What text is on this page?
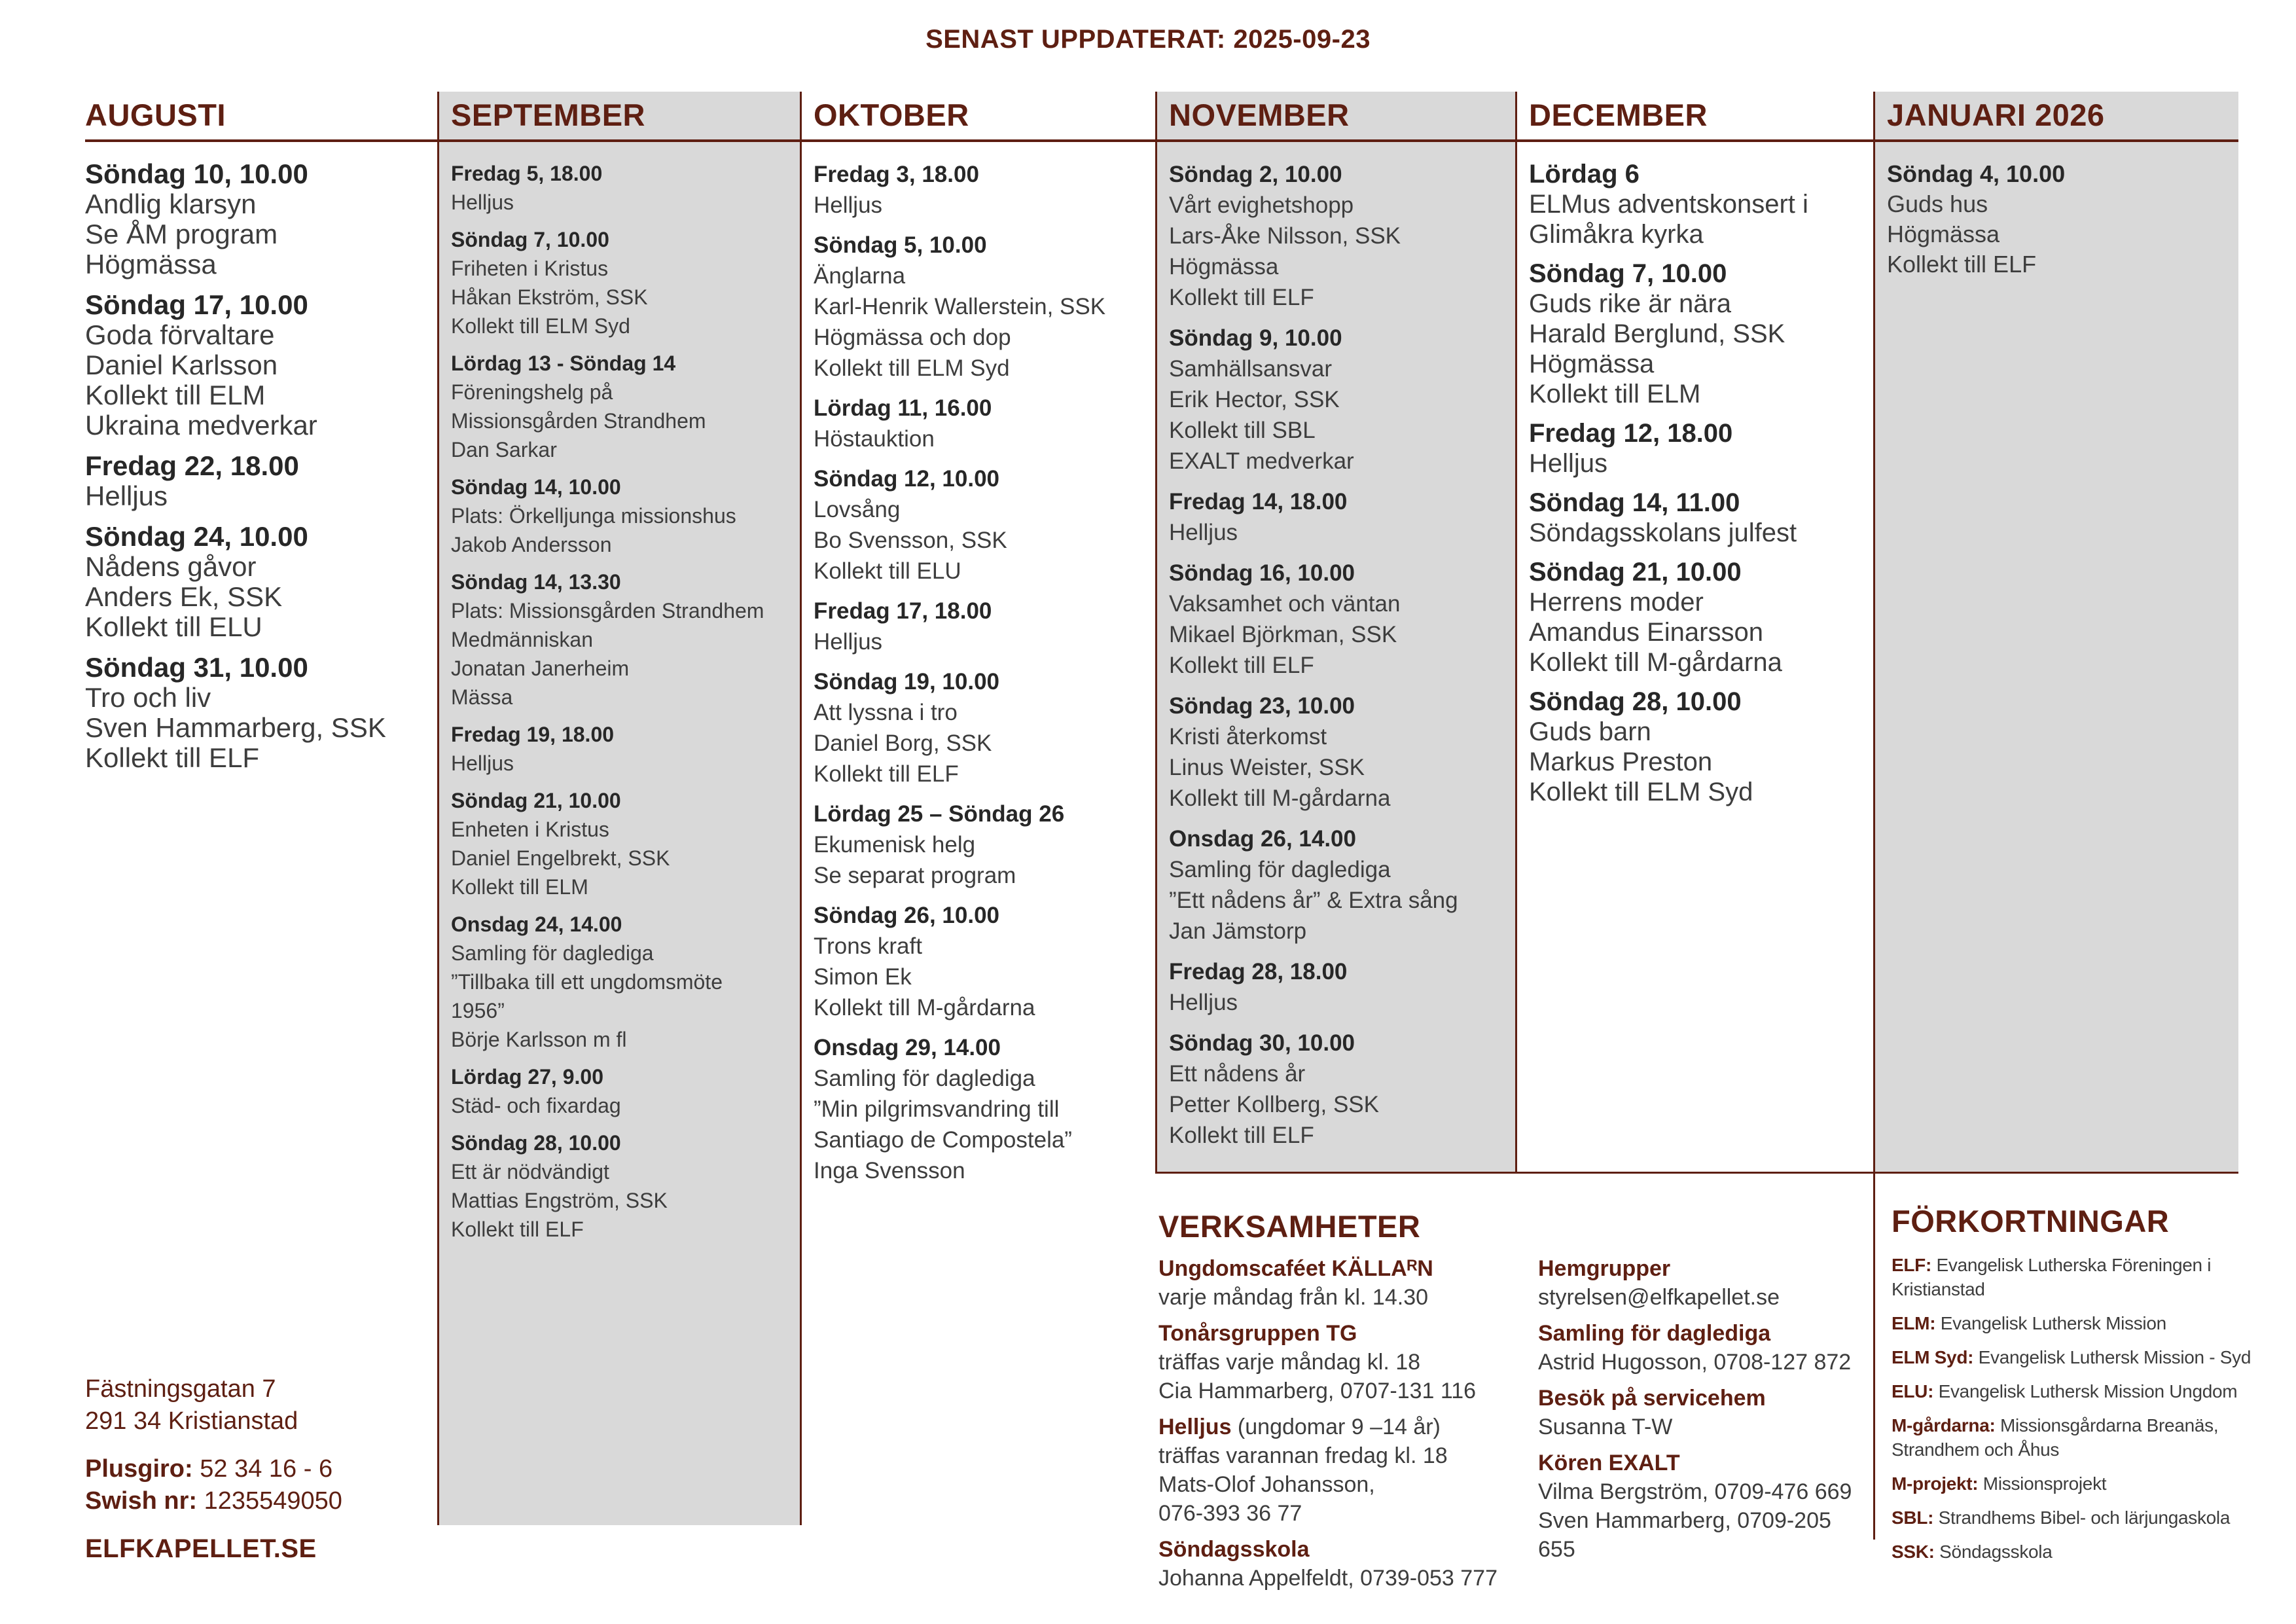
SENAST UPPDATERAT: 2025-09-23
AUGUSTI
Söndag 10, 10.00
Andlig klarsyn
Se ÅM program
Högmässa
Söndag 17, 10.00
Goda förvaltare
Daniel Karlsson
Kollekt till ELM
Ukraina medverkar
Fredag 22, 18.00
Helljus
Söndag 24, 10.00
Nådens gåvor
Anders Ek, SSK
Kollekt till ELU
Söndag 31, 10.00
Tro och liv
Sven Hammarberg, SSK
Kollekt till ELF
SEPTEMBER
Fredag 5, 18.00
Helljus
Söndag 7, 10.00
Friheten i Kristus
Håkan Ekström, SSK
Kollekt till ELM Syd
Lördag 13 - Söndag 14
Föreningshelg på
Missionsgården Strandhem
Dan Sarkar
Söndag 14, 10.00
Plats: Örkelljunga missionshus
Jakob Andersson
Söndag 14, 13.30
Plats: Missionsgården Strandhem
Medmänniskan
Jonatan Janerheim
Mässa
Fredag 19, 18.00
Helljus
Söndag 21, 10.00
Enheten i Kristus
Daniel Engelbrekt, SSK
Kollekt till ELM
Onsdag 24, 14.00
Samling för daglediga
”Tillbaka till ett ungdomsmöte
1956”
Börje Karlsson m fl
Lördag 27, 9.00
Städ- och fixardag
Söndag 28, 10.00
Ett är nödvändigt
Mattias Engström, SSK
Kollekt till ELF
OKTOBER
Fredag 3, 18.00
Helljus
Söndag 5, 10.00
Änglarna
Karl-Henrik Wallerstein, SSK
Högmässa och dop
Kollekt till ELM Syd
Lördag 11, 16.00
Höstauktion
Söndag 12, 10.00
Lovsång
Bo Svensson, SSK
Kollekt till ELU
Fredag 17, 18.00
Helljus
Söndag 19, 10.00
Att lyssna i tro
Daniel Borg, SSK
Kollekt till ELF
Lördag 25 – Söndag 26
Ekumenisk helg
Se separat program
Söndag 26, 10.00
Trons kraft
Simon Ek
Kollekt till M-gårdarna
Onsdag 29, 14.00
Samling för daglediga
”Min pilgrimsvandring till
Santiago de Compostela”
Inga Svensson
NOVEMBER
Söndag 2, 10.00
Vårt evighetshopp
Lars-Åke Nilsson, SSK
Högmässa
Kollekt till ELF
Söndag 9, 10.00
Samhällsansvar
Erik Hector, SSK
Kollekt till SBL
EXALT medverkar
Fredag 14, 18.00
Helljus
Söndag 16, 10.00
Vaksamhet och väntan
Mikael Björkman, SSK
Kollekt till ELF
Söndag 23, 10.00
Kristi återkomst
Linus Weister, SSK
Kollekt till M-gårdarna
Onsdag 26, 14.00
Samling för daglediga
”Ett nådens år” & Extra sång
Jan Jämstorp
Fredag 28, 18.00
Helljus
Söndag 30, 10.00
Ett nådens år
Petter Kollberg, SSK
Kollekt till ELF
DECEMBER
Lördag 6
ELMus adventskonsert i
Glimåkra kyrka
Söndag 7, 10.00
Guds rike är nära
Harald Berglund, SSK
Högmässa
Kollekt till ELM
Fredag 12, 18.00
Helljus
Söndag 14, 11.00
Söndagsskolans julfest
Söndag 21, 10.00
Herrens moder
Amandus Einarsson
Kollekt till M-gårdarna
Söndag 28, 10.00
Guds barn
Markus Preston
Kollekt till ELM Syd
JANUARI 2026
Söndag 4, 10.00
Guds hus
Högmässa
Kollekt till ELF
Fästningsgatan 7
291 34 Kristianstad
Plusgiro: 52 34 16 - 6
Swish nr: 1235549050
ELFKAPELLET.SE
VERKSAMHETER
Ungdomscaféet KÄLLAᴿN
varje måndag från kl. 14.30
Tonårsgruppen TG
träffas varje måndag kl. 18
Cia Hammarberg, 0707-131 116
Helljus (ungdomar 9 –14 år)
träffas varannan fredag kl. 18
Mats-Olof Johansson,
076-393 36 77
Söndagsskola
Johanna Appelfeldt, 0739-053 777
Hemgrupper
styrelsen@elfkapellet.se
Samling för daglediga
Astrid Hugosson, 0708-127 872
Besök på servicehem
Susanna T-W
Kören EXALT
Vilma Bergström, 0709-476 669
Sven Hammarberg, 0709-205 655
FÖRKORTNINGAR
ELF: Evangelisk Lutherska Föreningen i
Kristianstad
ELM: Evangelisk Luthersk Mission
ELM Syd: Evangelisk Luthersk Mission - Syd
ELU: Evangelisk Luthersk Mission Ungdom
M-gårdarna: Missionsgårdarna Breanäs,
Strandhem och Åhus
M-projekt: Missionsprojekt
SBL: Strandhems Bibel- och lärjungaskola
SSK: Söndagsskola
